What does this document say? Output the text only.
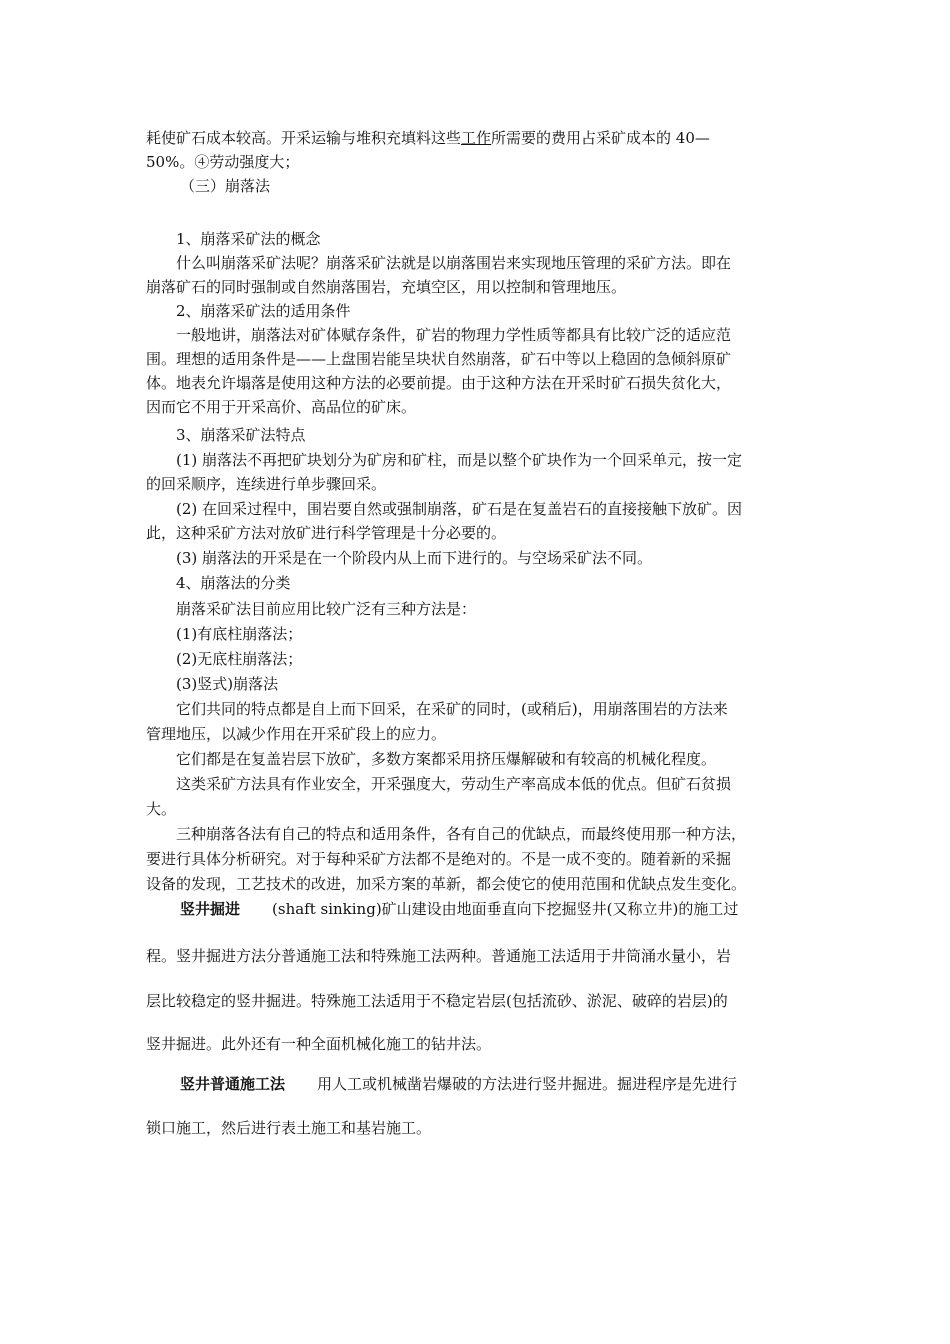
耗使矿石成本较高。开采运输与堆积充填料这些工作所需要的费用占采矿成本的 40—
50%。④劳动强度大；
（三）崩落法
1、崩落采矿法的概念
什么叫崩落采矿法呢？崩落采矿法就是以崩落围岩来实现地压管理的采矿方法。即在
崩落矿石的同时强制或自然崩落围岩，充填空区，用以控制和管理地压。
2、崩落采矿法的适用条件
一般地讲，崩落法对矿体赋存条件，矿岩的物理力学性质等都具有比较广泛的适应范
围。理想的适用条件是——上盘围岩能呈块状自然崩落，矿石中等以上稳固的急倾斜原矿
体。地表允许塌落是使用这种方法的必要前提。由于这种方法在开采时矿石损失贫化大，
因而它不用于开采高价、高品位的矿床。
3、崩落采矿法特点
(1) 崩落法不再把矿块划分为矿房和矿柱，而是以整个矿块作为一个回采单元，按一定
的回采顺序，连续进行单步骤回采。
(2) 在回采过程中，围岩要自然或强制崩落，矿石是在复盖岩石的直接接触下放矿。因
此，这种采矿方法对放矿进行科学管理是十分必要的。
(3) 崩落法的开采是在一个阶段内从上而下进行的。与空场采矿法不同。
4、崩落法的分类
崩落采矿法目前应用比较广泛有三种方法是：
(1)有底柱崩落法；
(2)无底柱崩落法；
(3)竖式)崩落法
它们共同的特点都是自上而下回采，在采矿的同时，(或稍后)，用崩落围岩的方法来
管理地压，以减少作用在开采矿段上的应力。
它们都是在复盖岩层下放矿，多数方案都采用挤压爆解破和有较高的机械化程度。
这类采矿方法具有作业安全，开采强度大，劳动生产率高成本低的优点。但矿石贫损
大。
三种崩落各法有自己的特点和适用条件，各有自己的优缺点，而最终使用那一种方法，
要进行具体分析研究。对于每种采矿方法都不是绝对的。不是一成不变的。随着新的采掘
设备的发现，工艺技术的改进，加采方案的革新，都会使它的使用范围和优缺点发生变化。
竖井掘进 (shaft sinking)矿山建设由地面垂直向下挖掘竖井(又称立井)的施工过
程。竖井掘进方法分普通施工法和特殊施工法两种。普通施工法适用于井筒涌水量小，岩
层比较稳定的竖井掘进。特殊施工法适用于不稳定岩层(包括流砂、淤泥、破碎的岩层)的
竖井掘进。此外还有一种全面机械化施工的钻井法。
竖井普通施工法 用人工或机械凿岩爆破的方法进行竖井掘进。掘进程序是先进行
锁口施工，然后进行表土施工和基岩施工。
